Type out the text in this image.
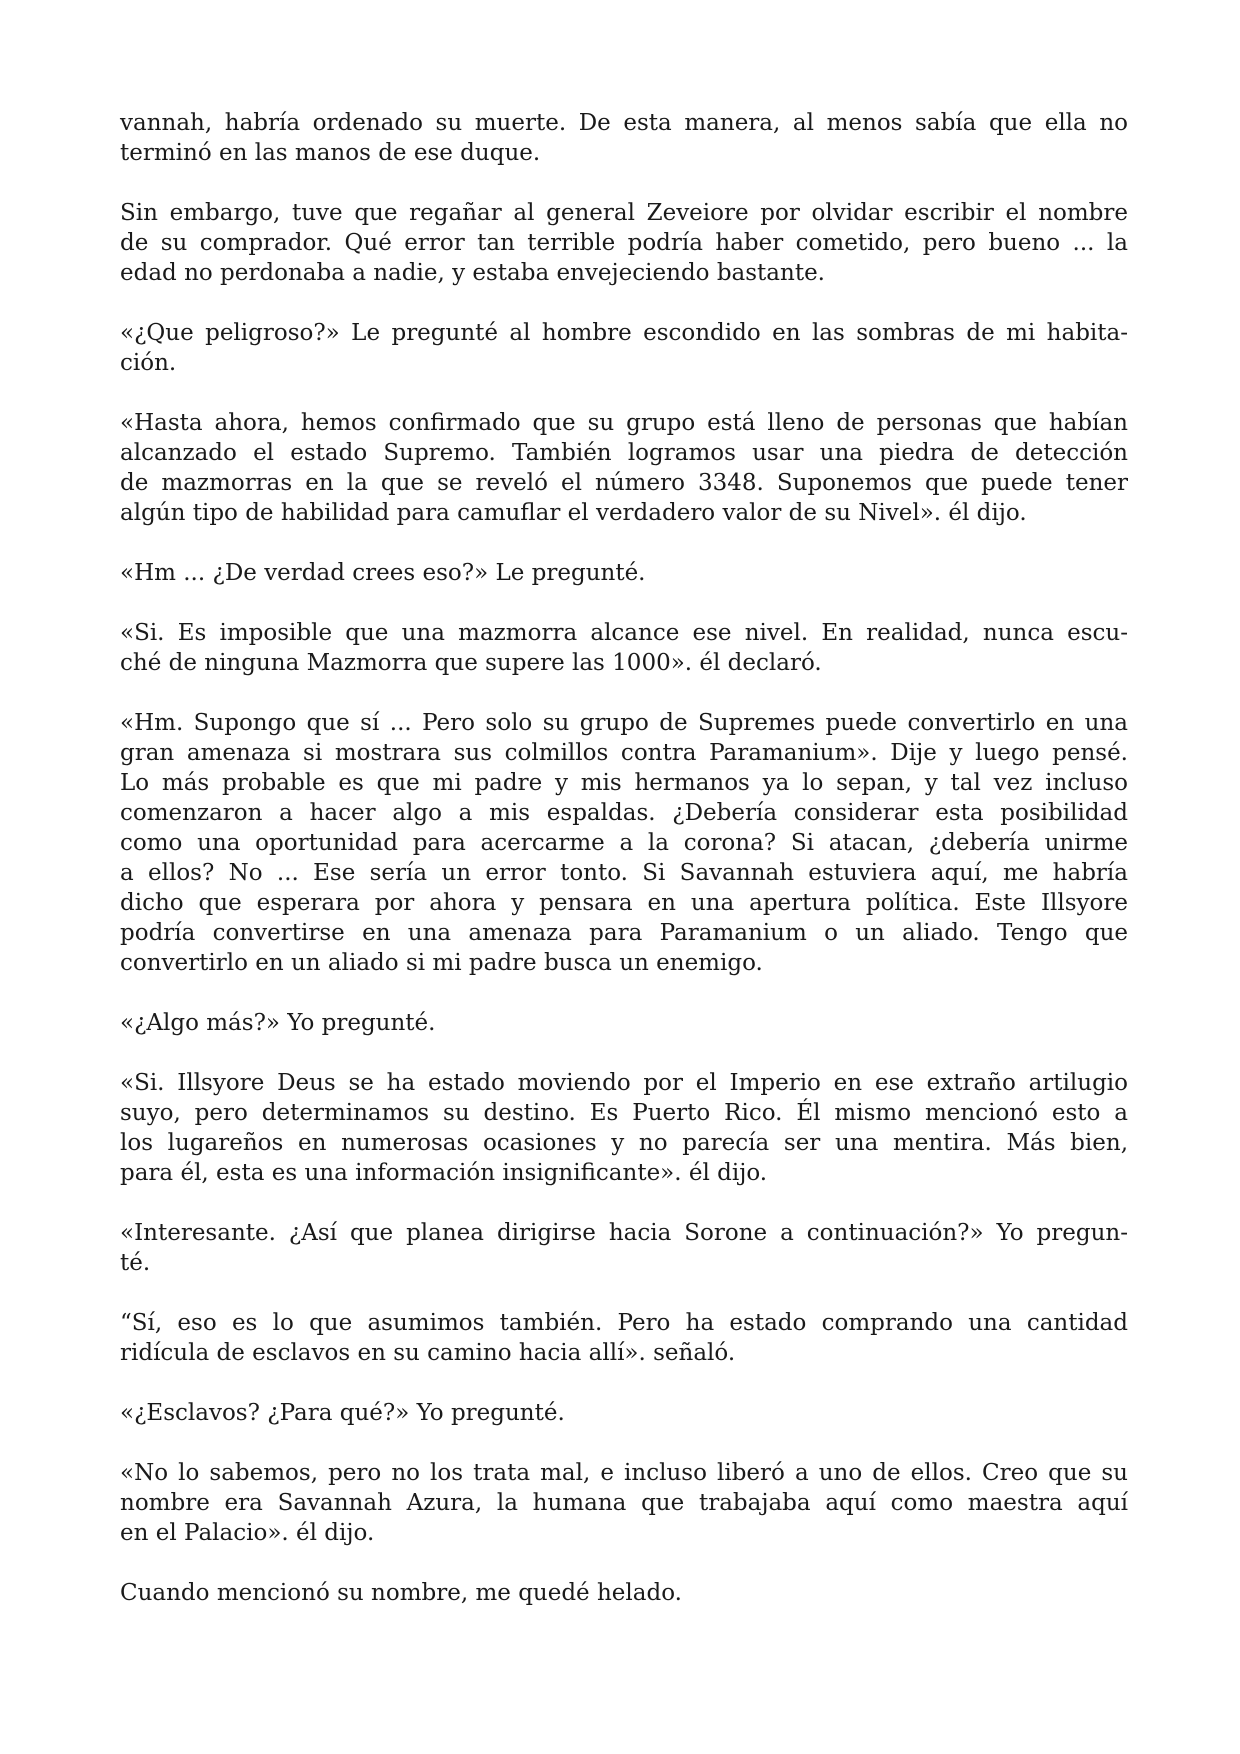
vannah, habría ordenado su muerte. De esta manera, al menos sabía que ella no
terminó en las manos de ese duque.
Sin embargo, tuve que regañar al general Zeveiore por olvidar escribir el nombre
de su comprador. Qué error tan terrible podría haber cometido, pero bueno ... la
edad no perdonaba a nadie, y estaba envejeciendo bastante.
«¿Que peligroso?» Le pregunté al hombre escondido en las sombras de mi habita-
ción.
«Hasta ahora, hemos confirmado que su grupo está lleno de personas que habían
alcanzado el estado Supremo. También logramos usar una piedra de detección
de mazmorras en la que se reveló el número 3348. Suponemos que puede tener
algún tipo de habilidad para camuflar el verdadero valor de su Nivel». él dijo.
«Hm ... ¿De verdad crees eso?» Le pregunté.
«Si. Es imposible que una mazmorra alcance ese nivel. En realidad, nunca escu-
ché de ninguna Mazmorra que supere las 1000». él declaró.
«Hm. Supongo que sí ... Pero solo su grupo de Supremes puede convertirlo en una
gran amenaza si mostrara sus colmillos contra Paramanium». Dije y luego pensé.
Lo más probable es que mi padre y mis hermanos ya lo sepan, y tal vez incluso
comenzaron a hacer algo a mis espaldas. ¿Debería considerar esta posibilidad
como una oportunidad para acercarme a la corona? Si atacan, ¿debería unirme
a ellos? No ... Ese sería un error tonto. Si Savannah estuviera aquí, me habría
dicho que esperara por ahora y pensara en una apertura política. Este Illsyore
podría convertirse en una amenaza para Paramanium o un aliado. Tengo que
convertirlo en un aliado si mi padre busca un enemigo.
«¿Algo más?» Yo pregunté.
«Si. Illsyore Deus se ha estado moviendo por el Imperio en ese extraño artilugio
suyo, pero determinamos su destino. Es Puerto Rico. Él mismo mencionó esto a
los lugareños en numerosas ocasiones y no parecía ser una mentira. Más bien,
para él, esta es una información insignificante». él dijo.
«Interesante. ¿Así que planea dirigirse hacia Sorone a continuación?» Yo pregun-
té.
“Sí, eso es lo que asumimos también. Pero ha estado comprando una cantidad
ridícula de esclavos en su camino hacia allí». señaló.
«¿Esclavos? ¿Para qué?» Yo pregunté.
«No lo sabemos, pero no los trata mal, e incluso liberó a uno de ellos. Creo que su
nombre era Savannah Azura, la humana que trabajaba aquí como maestra aquí
en el Palacio». él dijo.
Cuando mencionó su nombre, me quedé helado.
